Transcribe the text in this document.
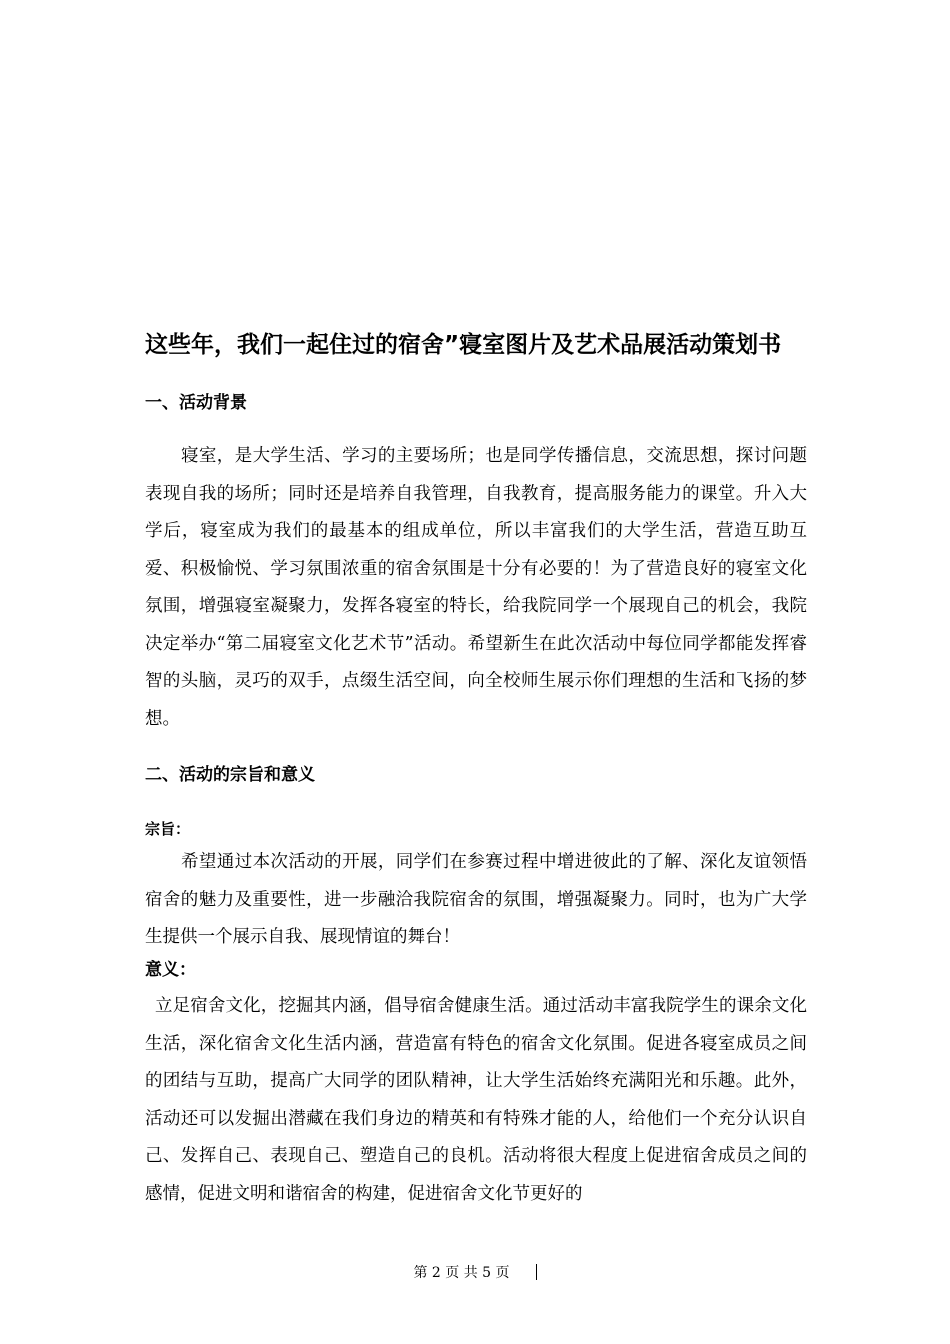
这些年，我们一起住过的宿舍”寝室图片及艺术品展活动策划书
一、活动背景

寝室，是大学生活、学习的主要场所；也是同学传播信息，交流思想，探讨问题表现自我的场所；同时还是培养自我管理，自我教育，提高服务能力的课堂。升入大学后，寝室成为我们的最基本的组成单位，所以丰富我们的大学生活，营造互助互爱、积极愉悦、学习氛围浓重的宿舍氛围是十分有必要的！为了营造良好的寝室文化氛围，增强寝室凝聚力，发挥各寝室的特长，给我院同学一个展现自己的机会，我院决定举办“第二届寝室文化艺术节”活动。希望新生在此次活动中每位同学都能发挥睿智的头脑，灵巧的双手，点缀生活空间，向全校师生展示你们理想的生活和飞扬的梦想。

二、活动的宗旨和意义
宗旨：

希望通过本次活动的开展，同学们在参赛过程中增进彼此的了解、深化友谊领悟宿舍的魅力及重要性，进一步融洽我院宿舍的氛围，增强凝聚力。同时，也为广大学生提供一个展示自我、展现情谊的舞台！

意义：

立足宿舍文化，挖掘其内涵，倡导宿舍健康生活。通过活动丰富我院学生的课余文化生活，深化宿舍文化生活内涵，营造富有特色的宿舍文化氛围。促进各寝室成员之间的团结与互助，提高广大同学的团队精神，让大学生活始终充满阳光和乐趣。此外，活动还可以发掘出潜藏在我们身边的精英和有特殊才能的人，给他们一个充分认识自己、发挥自己、表现自己、塑造自己的良机。活动将很大程度上促进宿舍成员之间的感情，促进文明和谐宿舍的构建，促进宿舍文化节更好的

第 2 页 共 5 页
